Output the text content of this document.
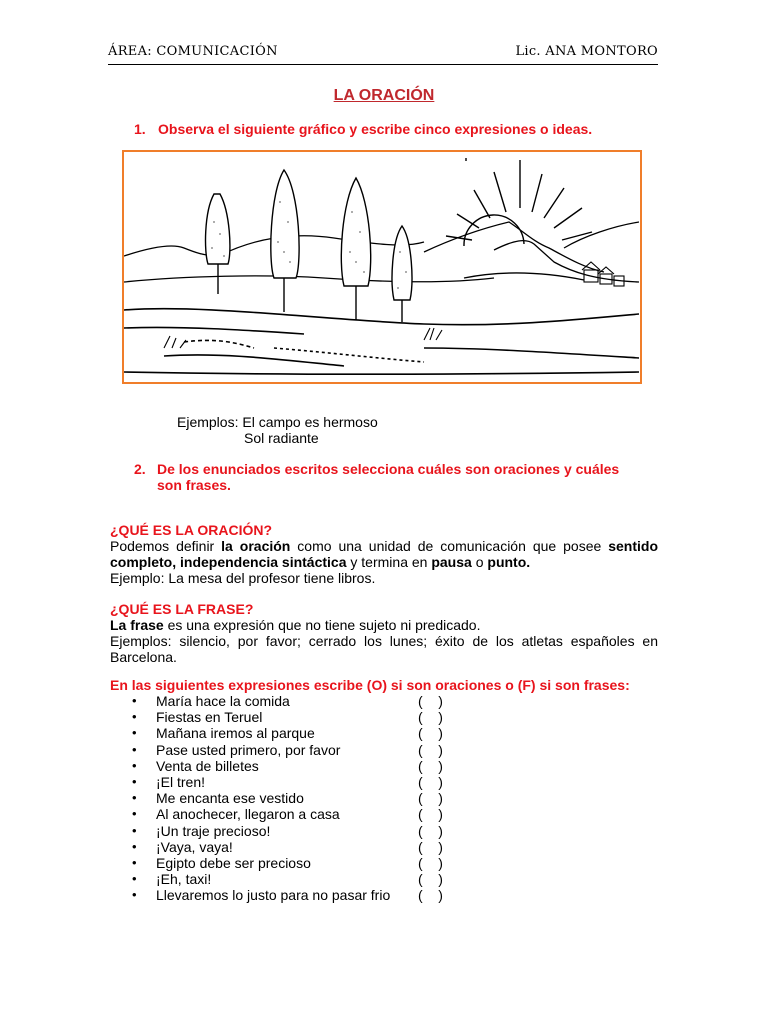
ÁREA: COMUNICACIÓN	Lic. ANA MONTORO
LA ORACIÓN
1. Observa el siguiente gráfico y escribe cinco expresiones o ideas.
Ejemplos: El campo es hermoso
Sol radiante
2. De los enunciados escritos selecciona cuáles son oraciones y cuáles son frases.
¿QUÉ ES LA ORACIÓN?
Podemos definir la oración como una unidad de comunicación que posee sentido completo, independencia sintáctica y termina en pausa o punto.
Ejemplo: La mesa del profesor tiene libros.
¿QUÉ ES LA FRASE?
La frase es una expresión que no tiene sujeto ni predicado.
Ejemplos: silencio, por favor; cerrado los lunes; éxito de los atletas españoles en Barcelona.
En las siguientes expresiones escribe (O) si son oraciones o (F) si son frases:
• María hace la comida	(    )
• Fiestas en Teruel	(    )
• Mañana iremos al parque	(    )
• Pase usted primero, por favor	(    )
• Venta de billetes	(    )
• ¡El tren!	(    )
• Me encanta ese vestido	(    )
• Al anochecer, llegaron a casa	(    )
• ¡Un traje precioso!	(    )
• ¡Vaya, vaya!	(    )
• Egipto debe ser precioso	(    )
• ¡Eh, taxi!	(    )
• Llevaremos lo justo para no pasar frio (    )
